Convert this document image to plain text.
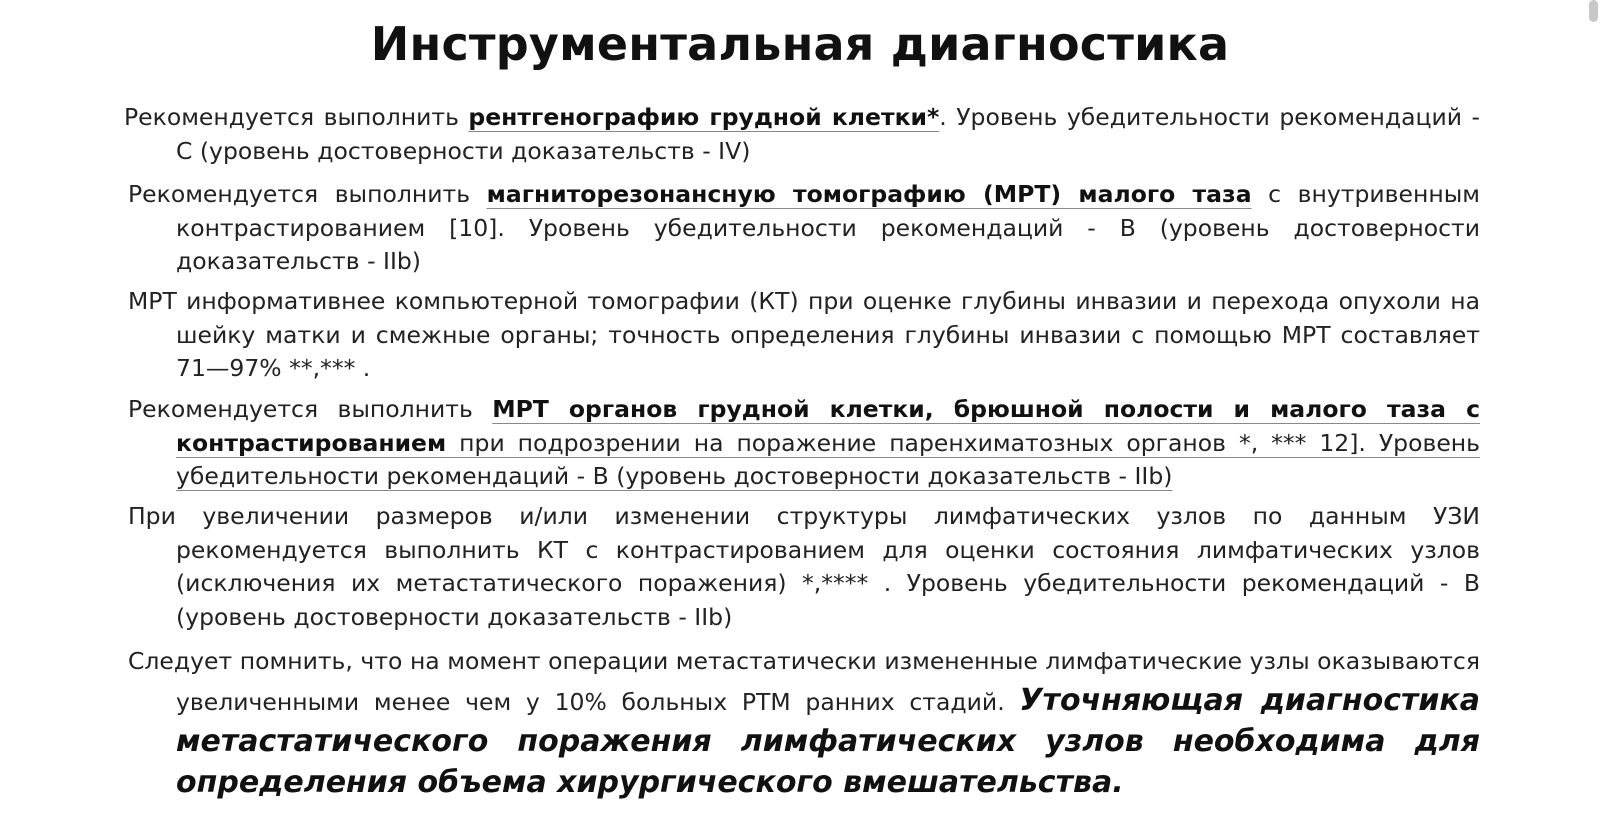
Инструментальная диагностика
Рекомендуется выполнить рентгенографию грудной клетки*. Уровень убедительности рекомендаций - С (уровень достоверности доказательств - IV)
Рекомендуется выполнить магниторезонансную томографию (МРТ) малого таза с внутривенным контрастированием [10]. Уровень убедительности рекомендаций - В (уровень достоверности доказательств - IIb)
МРТ информативнее компьютерной томографии (КТ) при оценке глубины инвазии и перехода опухоли на шейку матки и смежные органы; точность определения глубины инвазии с помощью МРТ составляет 71—97% **,*** .
Рекомендуется выполнить МРТ органов грудной клетки, брюшной полости и малого таза с контрастированием при подрозрении на поражение паренхиматозных органов *, *** 12]. Уровень убедительности рекомендаций - В (уровень достоверности доказательств - IIb)
При увеличении размеров и/или изменении структуры лимфатических узлов по данным УЗИ рекомендуется выполнить КТ с контрастированием для оценки состояния лимфатических узлов (исключения их метастатического поражения) *,**** . Уровень убедительности рекомендаций - В (уровень достоверности доказательств - IIb)
Следует помнить, что на момент операции метастатически измененные лимфатические узлы оказываются увеличенными менее чем у 10% больных РТМ ранних стадий. Уточняющая диагностика метастатического поражения лимфатических узлов необходима для определения объема хирургического вмешательства.
